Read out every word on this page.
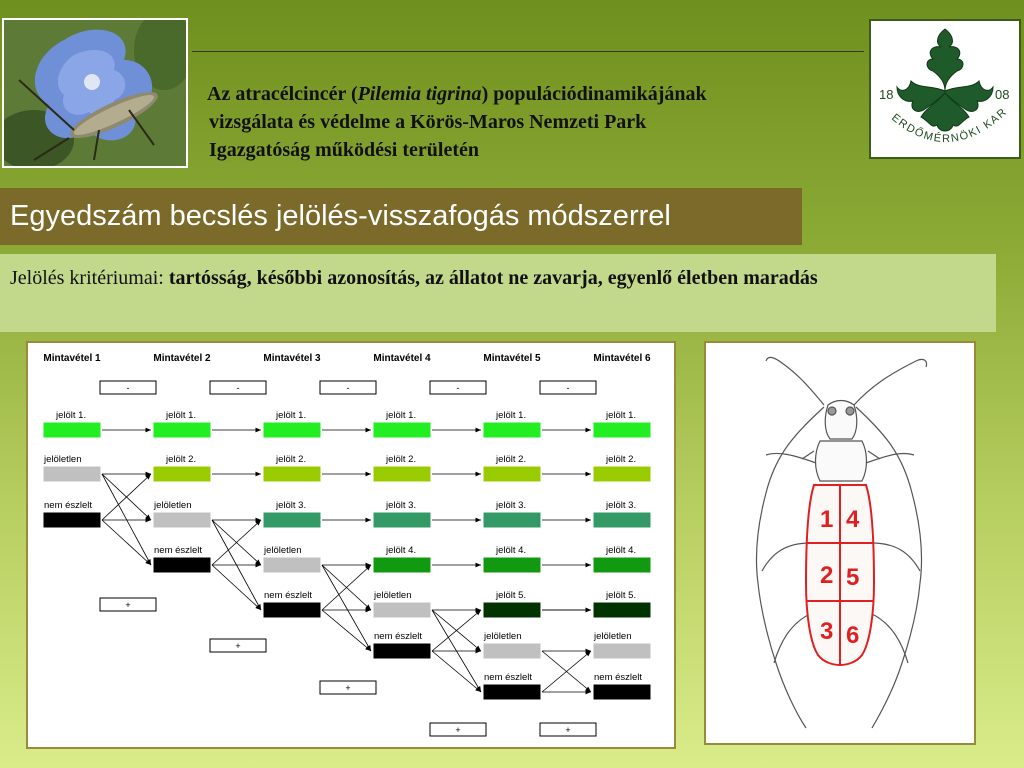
Az atracélcincér (Pilemia tigrina) populációdinamikájának
vizsgálata és védelme a Körös-Maros Nemzeti Park
Igazgatóság működési területén
18	08
ERDŐMÉRNÖKI KAR
Egyedszám becslés jelölés-visszafogás módszerrel
Jelölés kritériumai: tartósság, későbbi azonosítás, az állatot ne zavarja, egyenlő életben maradás
Mintavétel 1	Mintavétel 2	Mintavétel 3	Mintavétel 4	Mintavétel 5	Mintavétel 6
-	-	-	-	-
jelölt 1.
jelöletlen
nem észlelt
jelölt 1.
jelölt 2.
jelöletlen
nem észlelt
jelölt 1.
jelölt 2.
jelölt 3.
jelöletlen
nem észlelt
jelölt 1.
jelölt 2.
jelölt 3.
jelölt 4.
jelöletlen
nem észlelt
jelölt 1.
jelölt 2.
jelölt 3.
jelölt 4.
jelölt 5.
jelöletlen
nem észlelt
jelölt 1.
jelölt 2.
jelölt 3.
jelölt 4.
jelölt 5.
jelöletlen
nem észlelt
+
+
+
+	+
1 4
2 5
3 6
